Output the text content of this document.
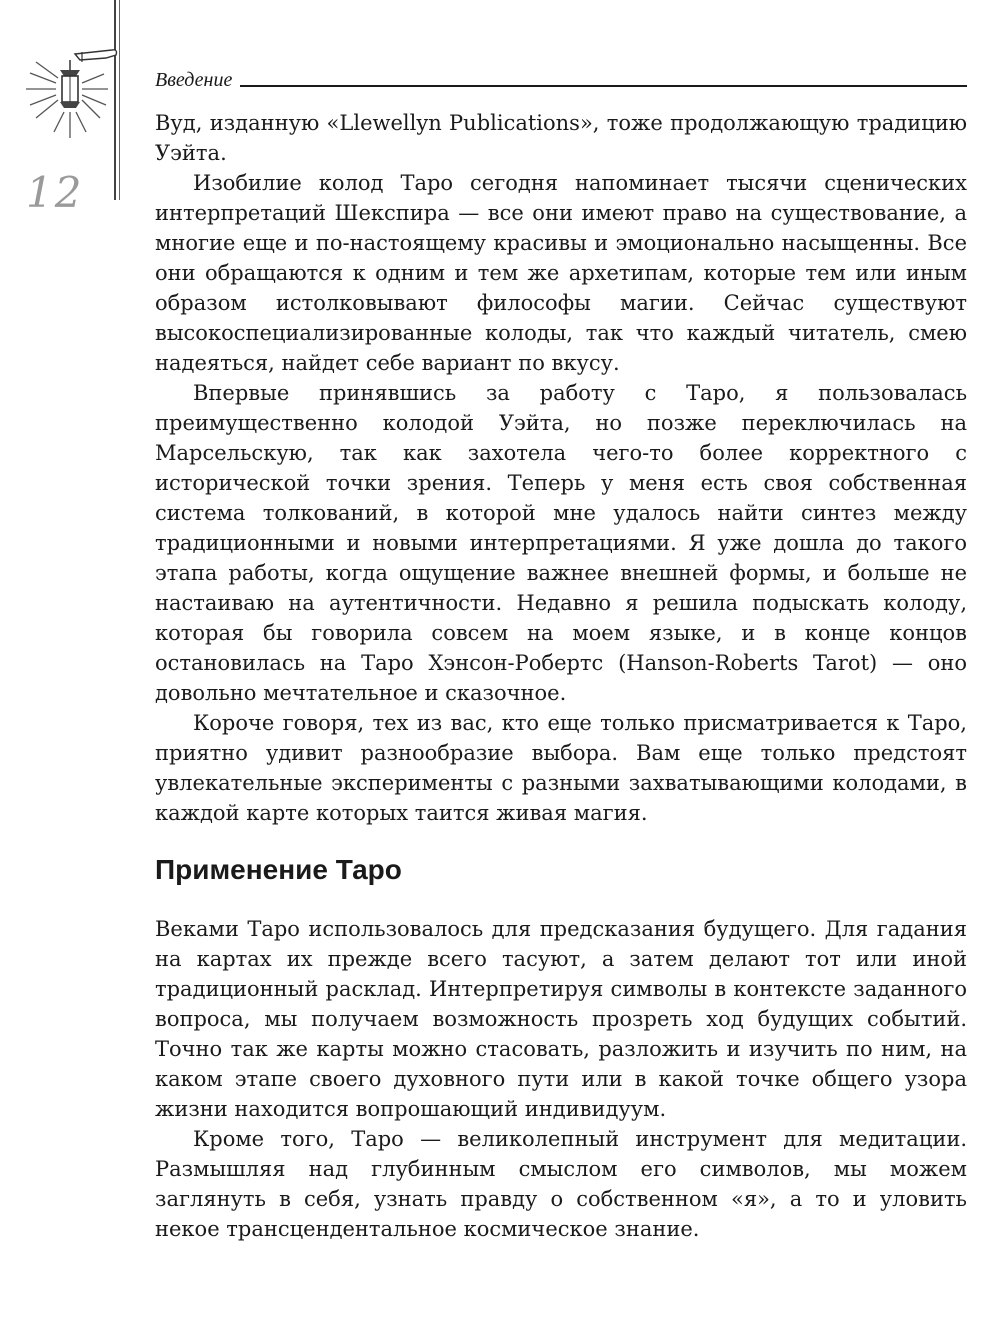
12
Введение

Вуд, изданную «Llewellyn Publications», тоже продолжающую традицию Уэйта.

Изобилие колод Таро сегодня напоминает тысячи сценических интерпретаций Шекспира — все они имеют право на существование, а многие еще и по-настоящему красивы и эмоционально насыщенны. Все они обращаются к одним и тем же архетипам, которые тем или иным образом истолковывают философы магии. Сейчас существуют высокоспециализированные колоды, так что каждый читатель, смею надеяться, найдет себе вариант по вкусу.

Впервые принявшись за работу с Таро, я пользовалась преимущественно колодой Уэйта, но позже переключилась на Марсельскую, так как захотела чего-то более корректного с исторической точки зрения. Теперь у меня есть своя собственная система толкований, в которой мне удалось найти синтез между традиционными и новыми интерпретациями. Я уже дошла до такого этапа работы, когда ощущение важнее внешней формы, и больше не настаиваю на аутентичности. Недавно я решила подыскать колоду, которая бы говорила совсем на моем языке, и в конце концов остановилась на Таро Хэнсон-Робертс (Hanson-Roberts Tarot) — оно довольно мечтательное и сказочное.

Короче говоря, тех из вас, кто еще только присматривается к Таро, приятно удивит разнообразие выбора. Вам еще только предстоят увлекательные эксперименты с разными захватывающими колодами, в каждой карте которых таится живая магия.

Применение Таро

Веками Таро использовалось для предсказания будущего. Для гадания на картах их прежде всего тасуют, а затем делают тот или иной традиционный расклад. Интерпретируя символы в контексте заданного вопроса, мы получаем возможность прозреть ход будущих событий. Точно так же карты можно стасовать, разложить и изучить по ним, на каком этапе своего духовного пути или в какой точке общего узора жизни находится вопрошающий индивидуум.

Кроме того, Таро — великолепный инструмент для медитации. Размышляя над глубинным смыслом его символов, мы можем заглянуть в себя, узнать правду о собственном «я», а то и уловить некое трансцендентальное космическое знание.
